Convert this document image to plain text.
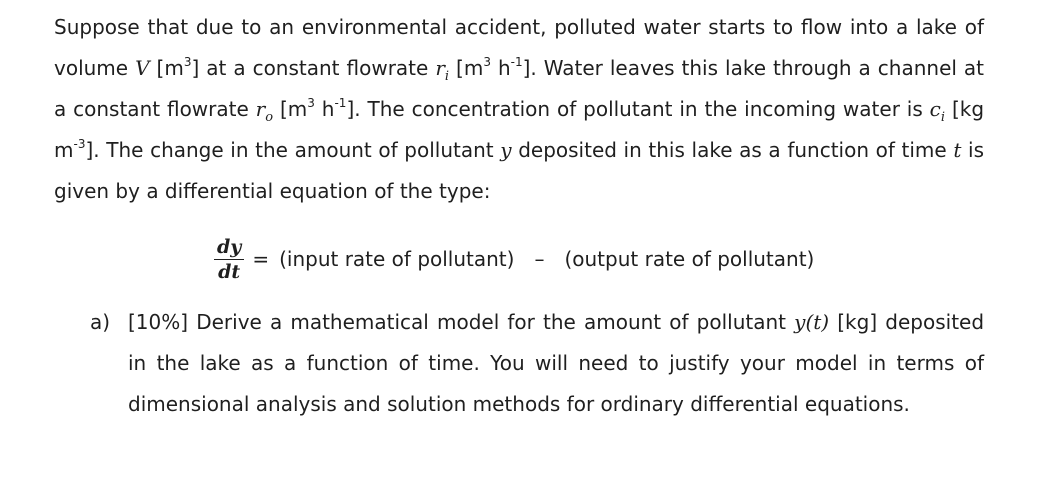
Suppose that due to an environmental accident, polluted water starts to flow into a lake of volume V $[m^3]$ at a constant flowrate $r_i$ [$m^3$ $h^{-1}$]. Water leaves this lake through a channel at a constant flowrate $r_o$ [$m^3$ $h^{-1}$]. The concentration of pollutant in the incoming water is $c_i$ [kg $m^{-3}$]. The change in the amount of pollutant y deposited in this lake as a function of time t is given by a differential equation of the type:

$\frac{dy}{dt}$ = (input rate of pollutant) – (output rate of pollutant)
a) [10%] Derive a mathematical model for the amount of pollutant y(t) [kg] deposited in the lake as a function of time. You will need to justify your model in terms of dimensional analysis and solution methods for ordinary differential equations.
